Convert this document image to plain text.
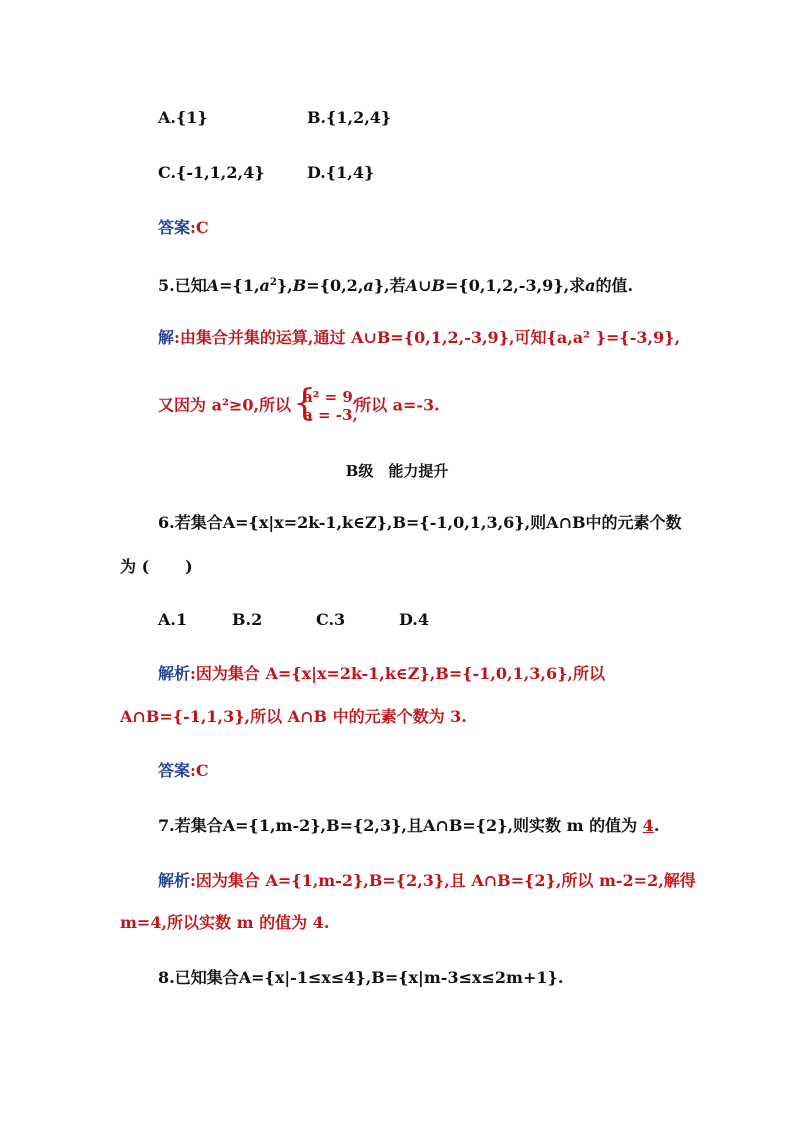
A.{1}	B.{1,2,4}
C.{-1,1,2,4}	D.{1,4}
答案:C
5.已知$A=\{1,a^2\},B=\{0,2,a\}$,若A∪B={0,1,2,-3,9},求a的值.
解:由集合并集的运算,通过 A∪B={0,1,2,-3,9},可知{a,a² }={-3,9},
又因为 a²≥0,所以 {
a² = 9,
a = -3,
所以 a=-3.
B级　能力提升
6.若集合A={x|x=2k-1,k∈Z},B={-1,0,1,3,6},则A∩B中的元素个数
为 ( )
A.1	B.2	C.3	D.4
解析:因为集合 A={x|x=2k-1,k∈Z},B={-1,0,1,3,6},所以
A∩B={-1,1,3},所以 A∩B 中的元素个数为 3.
答案:C
7.若集合A={1,m-2},B={2,3},且A∩B={2},则实数 m 的值为 4.
解析:因为集合 A={1,m-2},B={2,3},且 A∩B={2},所以 m-2=2,解得
m=4,所以实数 m 的值为 4.
8.已知集合A={x|-1≤x≤4},B={x|m-3≤x≤2m+1}.
